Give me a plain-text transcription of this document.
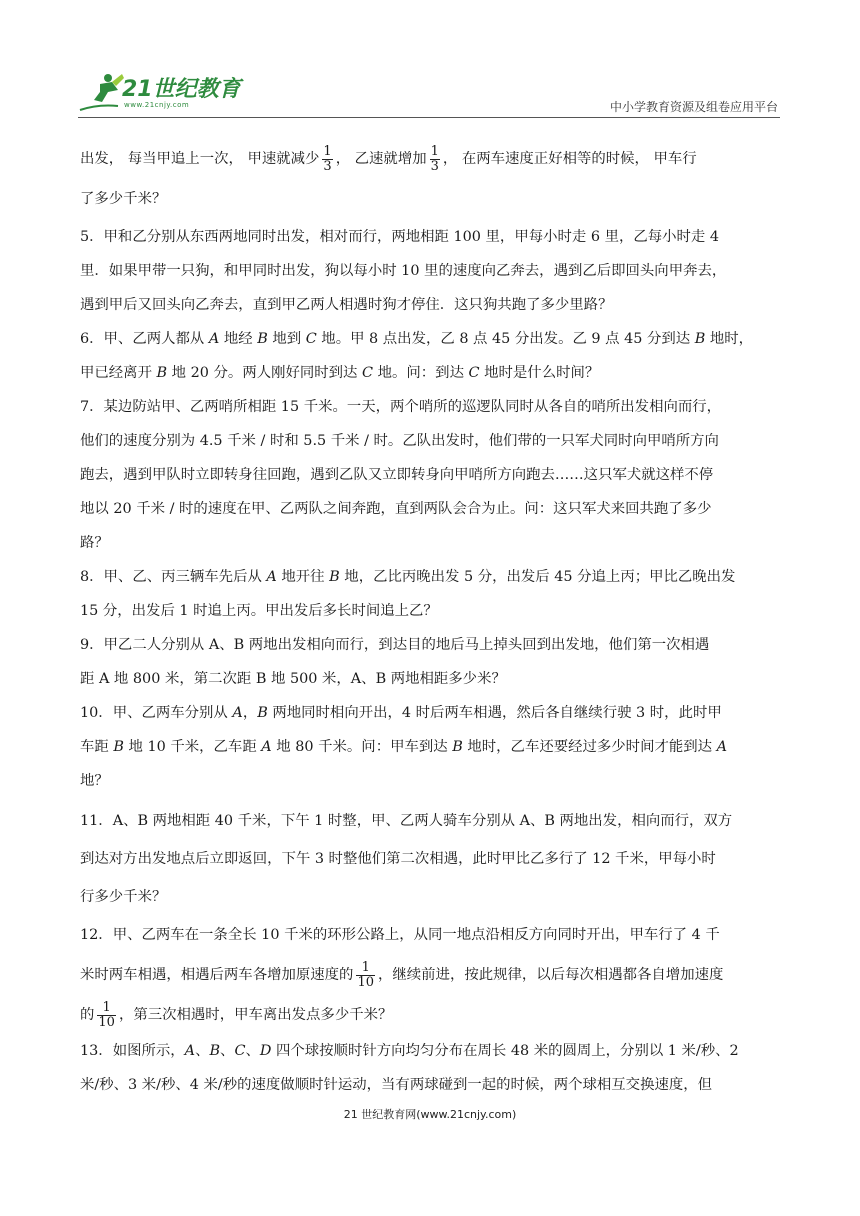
21世纪教育
www.21cnjy.com	中小学教育资源及组卷应用平台
出发， 每当甲追上一次， 甲速就减少 $\frac{1}{3}$ ， 乙速就增加 $\frac{1}{3}$ ， 在两车速度正好相等的时候， 甲车行
了多少千米？
5．甲和乙分别从东西两地同时出发，相对而行，两地相距 100 里，甲每小时走 6 里，乙每小时走 4
里．如果甲带一只狗，和甲同时出发，狗以每小时 10 里的速度向乙奔去，遇到乙后即回头向甲奔去，
遇到甲后又回头向乙奔去，直到甲乙两人相遇时狗才停住．这只狗共跑了多少里路？
6．甲、乙两人都从 A 地经 B 地到 C 地。甲 8 点出发，乙 8 点 45 分出发。乙 9 点 45 分到达 B 地时，
甲已经离开 B 地 20 分。两人刚好同时到达 C 地。问：到达 C 地时是什么时间？
7．某边防站甲、乙两哨所相距 15 千米。一天，两个哨所的巡逻队同时从各自的哨所出发相向而行，
他们的速度分别为 4.5 千米 / 时和 5.5 千米 / 时。乙队出发时，他们带的一只军犬同时向甲哨所方向
跑去，遇到甲队时立即转身往回跑，遇到乙队又立即转身向甲哨所方向跑去……这只军犬就这样不停
地以 20 千米 / 时的速度在甲、乙两队之间奔跑，直到两队会合为止。问：这只军犬来回共跑了多少
路？
8．甲、乙、丙三辆车先后从 A 地开往 B 地，乙比丙晚出发 5 分，出发后 45 分追上丙；甲比乙晚出发
15 分，出发后 1 时追上丙。甲出发后多长时间追上乙？
9．甲乙二人分别从 A、B 两地出发相向而行，到达目的地后马上掉头回到出发地，他们第一次相遇
距 A 地 800 米，第二次距 B 地 500 米，A、B 两地相距多少米？
10．甲、乙两车分别从 A，B 两地同时相向开出，4 时后两车相遇，然后各自继续行驶 3 时，此时甲
车距 B 地 10 千米，乙车距 A 地 80 千米。问：甲车到达 B 地时，乙车还要经过多少时间才能到达 A
地？
11．A、B 两地相距 40 千米，下午 1 时整，甲、乙两人骑车分别从 A、B 两地出发，相向而行，双方
到达对方出发地点后立即返回，下午 3 时整他们第二次相遇，此时甲比乙多行了 12 千米，甲每小时
行多少千米？
12．甲、乙两车在一条全长 10 千米的环形公路上，从同一地点沿相反方向同时开出，甲车行了 4 千
米时两车相遇，相遇后两车各增加原速度的 $\frac{1}{10}$ ，继续前进，按此规律，以后每次相遇都各自增加速度
的 $\frac{1}{10}$ ，第三次相遇时，甲车离出发点多少千米？
13．如图所示，A、B、C、D 四个球按顺时针方向均匀分布在周长 48 米的圆周上，分别以 1 米/秒、2
米/秒、3 米/秒、4 米/秒的速度做顺时针运动，当有两球碰到一起的时候，两个球相互交换速度，但
21 世纪教育网(www.21cnjy.com)
